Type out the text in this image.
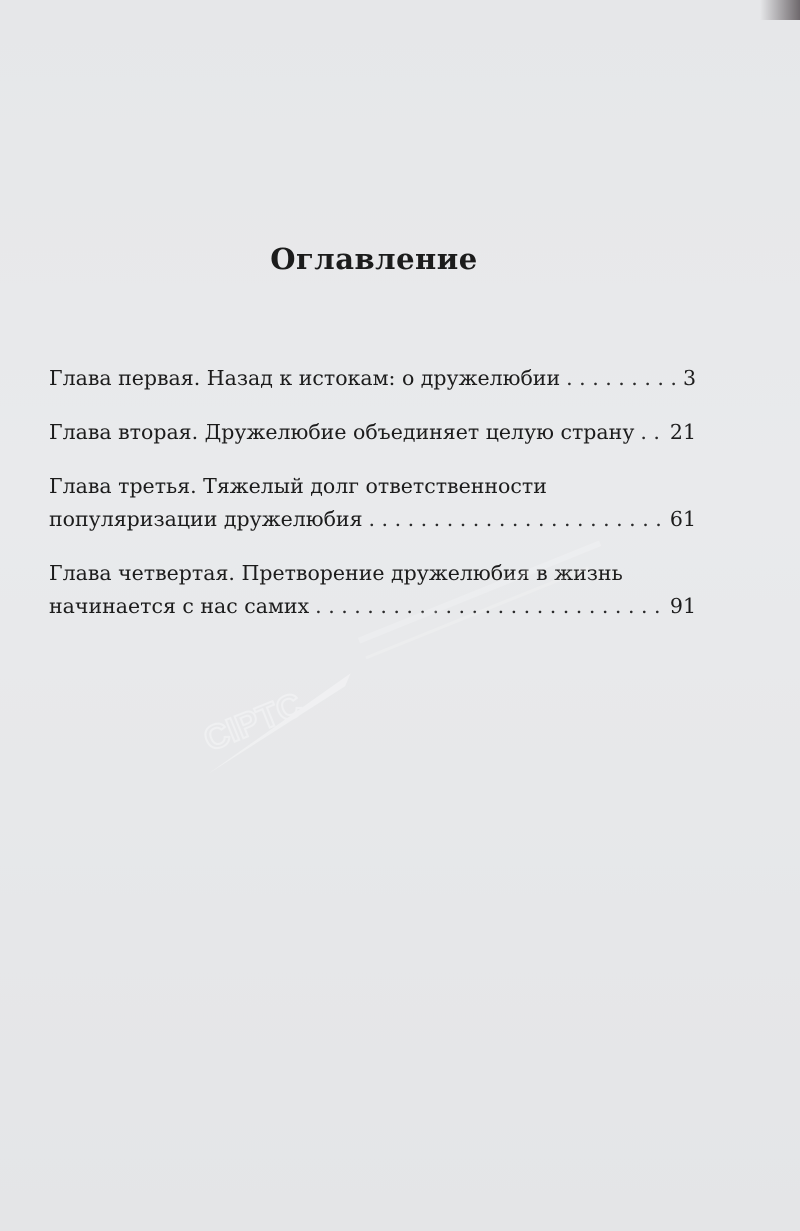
Оглавление
Глава первая. Назад к истокам: о дружелюбии . . .	3
Глава вторая. Дружелюбие объединяет целую страну . . . 21
Глава третья. Тяжелый долг ответственности
популяризации дружелюбия . . .	61
Глава четвертая. Претворение дружелюбия в жизнь
начинается с нас самих . . .	91
CIPTC
